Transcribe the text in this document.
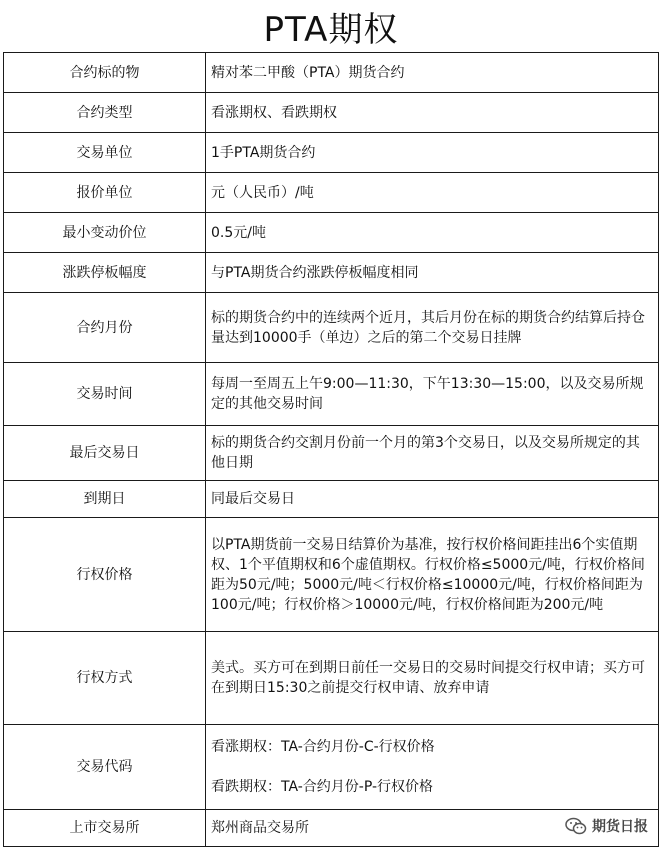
PTA期权
合约标的物	精对苯二甲酸（PTA）期货合约
合约类型	看涨期权、看跌期权
交易单位	1手PTA期货合约
报价单位	元（人民币）/吨
最小变动价位	0.5元/吨
涨跌停板幅度	与PTA期货合约涨跌停板幅度相同
合约月份	标的期货合约中的连续两个近月，其后月份在标的期货合约结算后持仓量达到10000手（单边）之后的第二个交易日挂牌
交易时间	每周一至周五上午9:00—11:30，下午13:30—15:00，以及交易所规定的其他交易时间
最后交易日	标的期货合约交割月份前一个月的第3个交易日，以及交易所规定的其他日期
到期日	同最后交易日
行权价格	以PTA期货前一交易日结算价为基准，按行权价格间距挂出6个实值期权、1个平值期权和6个虚值期权。行权价格≤5000元/吨，行权价格间距为50元/吨；5000元/吨＜行权价格≤10000元/吨，行权价格间距为100元/吨；行权价格＞10000元/吨，行权价格间距为200元/吨
行权方式	美式。买方可在到期日前任一交易日的交易时间提交行权申请；买方可在到期日15:30之前提交行权申请、放弃申请
交易代码	看涨期权：TA-合约月份-C-行权价格
看跌期权：TA-合约月份-P-行权价格

上市交易所	郑州商品交易所	期货日报
